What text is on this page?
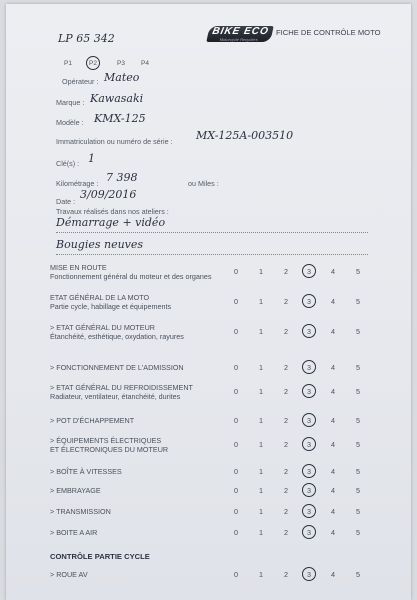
LP 65 342
P1	P2	P3 P4
BIKE ECO
Motorcycle Recyclers
FICHE DE CONTRÔLE MOTO
Opérateur : Mateo
Marque : Kawasaki
Modèle : KMX-125
Immatriculation ou numéro de série : MX-125A-003510
Clé(s) : 1
Kilométrage : 7 398	ou Miles :
Date :
3/09/2016
Travaux réalisés dans nos ateliers :
Démarrage + vidéo
Bougies neuves
MISE EN ROUTE
Fonctionnement général du moteur et des organes
0	1	2	3	4	5
ETAT GÉNÉRAL DE LA MOTO
Partie cycle, habillage et équipements
0	1	2	3	4	5
> ETAT GÉNÉRAL DU MOTEUR
Étanchéité, esthétique, oxydation, rayures
0	1	2	3	4	5
> FONCTIONNEMENT DE L'ADMISSION	0	1	2	3	4	5
> ETAT GÉNÉRAL DU REFROIDISSEMENT
Radiateur, ventilateur, étanchéité, durites
0	1	2	3	4	5
> POT D'ÉCHAPPEMENT	0	1	2	3	4	5
> ÉQUIPEMENTS ÉLECTRIQUES
ET ÉLECTRONIQUES DU MOTEUR
0	1	2	3	4	5
> BOÎTE À VITESSES	0	1	2	3	4	5
> EMBRAYAGE	0	1	2	3	4	5
> TRANSMISSION	0	1	2	3	4	5
> BOITE A AIR	0	1	2	3	4	5
> ROUE AV	0	1	2	3	4	5
CONTRÔLE PARTIE CYCLE
